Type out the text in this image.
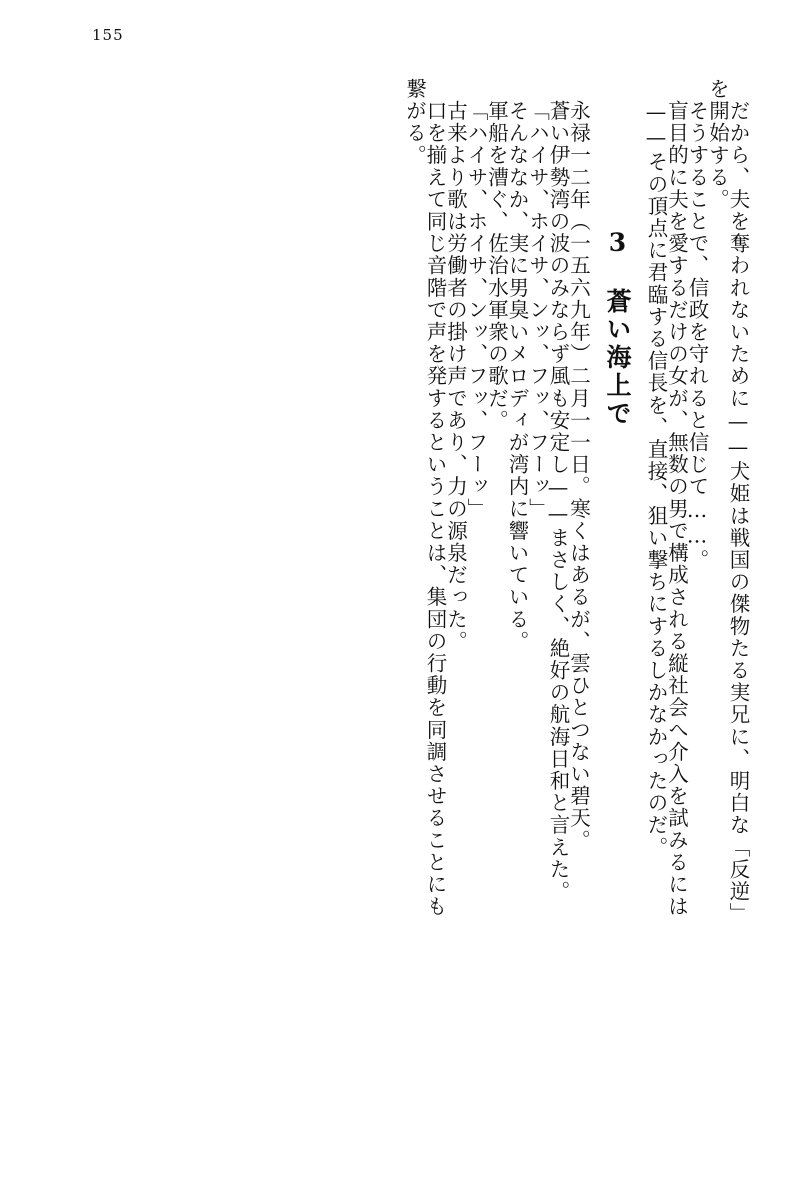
155
だから、夫を奪われないために——犬姫は戦国の傑物たる実兄に、明白な「反逆」
を開始する。
そうすることで、信政を守れると信じて……。
盲目的に夫を愛するだけの女が、無数の男で構成される縦社会へ介入を試みるには
——その頂点に君臨する信長を、直接、狙い撃ちにするしかなかったのだ。
3　蒼い海上で
永禄一二年（一五六九年）二月一一日。寒くはあるが、雲ひとつない碧天。
蒼い伊勢湾の波のみならず風も安定し——まさしく、絶好の航海日和と言えた。
「ハイサ、ホイサ、ンッ、フッ、フーッ」
そんななか、実に男臭いメロディが湾内に響いている。
軍船を漕ぐ、佐治水軍衆の歌だ。
「ハイサ、ホイサ、ンッ、フッ、フーッ」
古来より歌は労働者の掛け声であり、力の源泉だった。
口を揃えて同じ音階で声を発するということは、集団の行動を同調させることにも
繋がる。
